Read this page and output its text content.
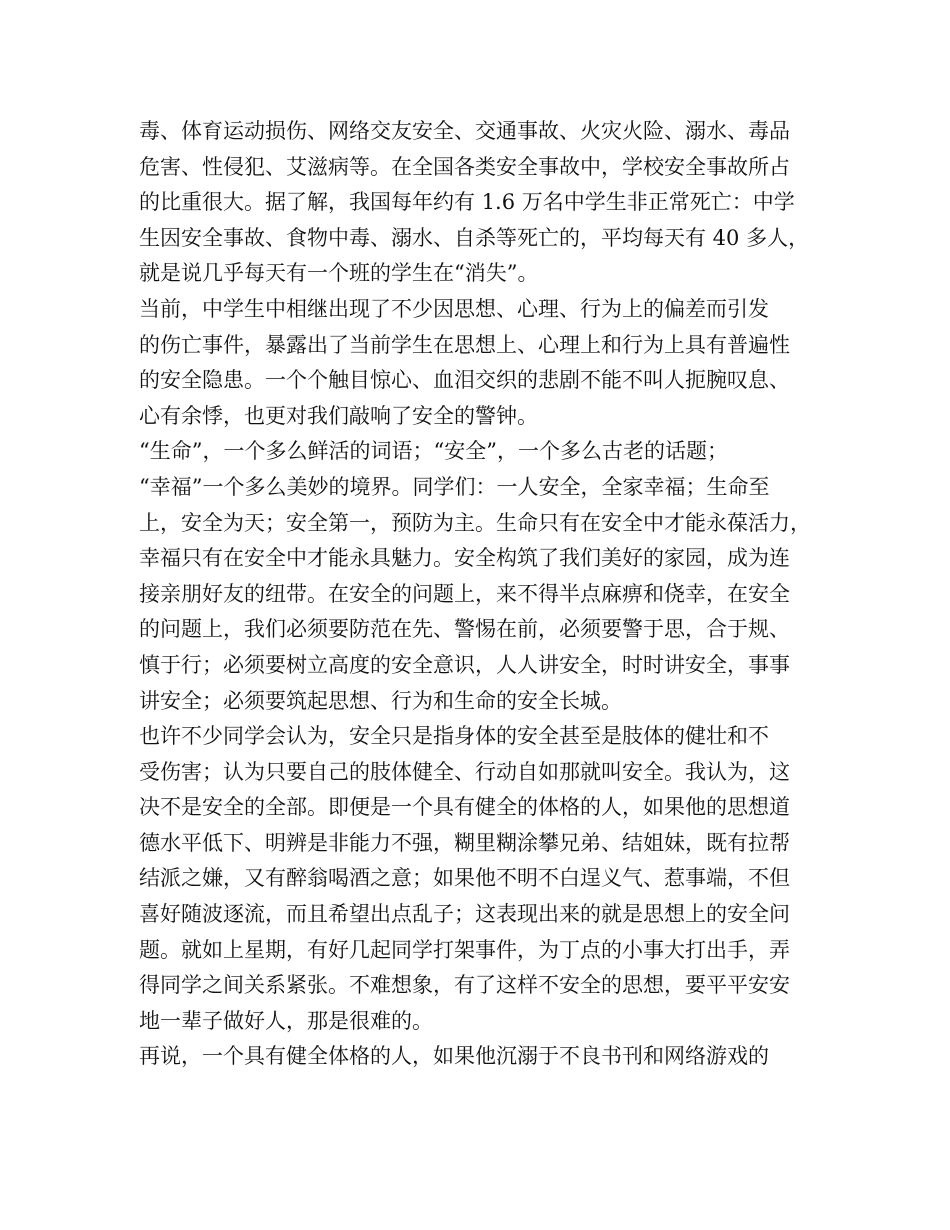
毒、体育运动损伤、网络交友安全、交通事故、火灾火险、溺水、毒品
危害、性侵犯、艾滋病等。在全国各类安全事故中，学校安全事故所占
的比重很大。据了解，我国每年约有 1.6 万名中学生非正常死亡：中学
生因安全事故、食物中毒、溺水、自杀等死亡的，平均每天有 40 多人，
就是说几乎每天有一个班的学生在“消失”。
当前，中学生中相继出现了不少因思想、心理、行为上的偏差而引发
的伤亡事件，暴露出了当前学生在思想上、心理上和行为上具有普遍性
的安全隐患。一个个触目惊心、血泪交织的悲剧不能不叫人扼腕叹息、
心有余悸，也更对我们敲响了安全的警钟。
“生命”，一个多么鲜活的词语；“安全”，一个多么古老的话题；
“幸福”一个多么美妙的境界。同学们：一人安全，全家幸福；生命至
上，安全为天；安全第一，预防为主。生命只有在安全中才能永葆活力，
幸福只有在安全中才能永具魅力。安全构筑了我们美好的家园，成为连
接亲朋好友的纽带。在安全的问题上，来不得半点麻痹和侥幸，在安全
的问题上，我们必须要防范在先、警惕在前，必须要警于思，合于规、
慎于行；必须要树立高度的安全意识，人人讲安全，时时讲安全，事事
讲安全；必须要筑起思想、行为和生命的安全长城。
也许不少同学会认为，安全只是指身体的安全甚至是肢体的健壮和不
受伤害；认为只要自己的肢体健全、行动自如那就叫安全。我认为，这
决不是安全的全部。即便是一个具有健全的体格的人，如果他的思想道
德水平低下、明辨是非能力不强，糊里糊涂攀兄弟、结姐妹，既有拉帮
结派之嫌，又有醉翁喝酒之意；如果他不明不白逞义气、惹事端，不但
喜好随波逐流，而且希望出点乱子；这表现出来的就是思想上的安全问
题。就如上星期，有好几起同学打架事件，为丁点的小事大打出手，弄
得同学之间关系紧张。不难想象，有了这样不安全的思想，要平平安安
地一辈子做好人，那是很难的。
再说，一个具有健全体格的人，如果他沉溺于不良书刊和网络游戏的
